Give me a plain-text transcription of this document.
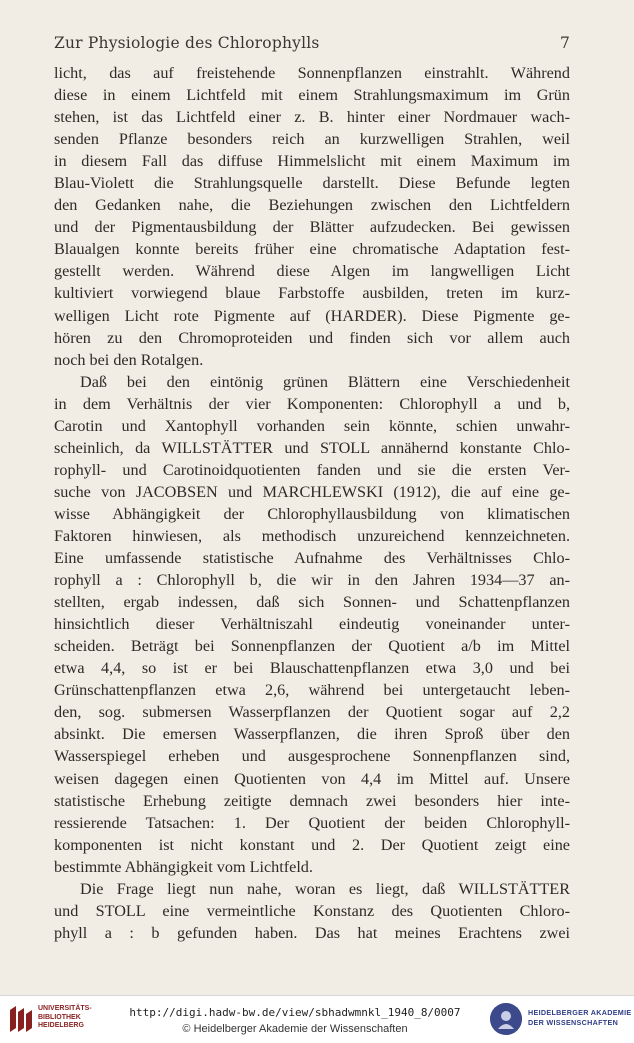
Zur Physiologie des Chlorophylls	7
licht, das auf freistehende Sonnenpflanzen einstrahlt. Während
diese in einem Lichtfeld mit einem Strahlungsmaximum im Grün
stehen, ist das Lichtfeld einer z. B. hinter einer Nordmauer wach-
senden Pflanze besonders reich an kurzwelligen Strahlen, weil
in diesem Fall das diffuse Himmelslicht mit einem Maximum im
Blau-Violett die Strahlungsquelle darstellt. Diese Befunde legten
den Gedanken nahe, die Beziehungen zwischen den Lichtfeldern
und der Pigmentausbildung der Blätter aufzudecken. Bei gewissen
Blaualgen konnte bereits früher eine chromatische Adaptation fest-
gestellt werden. Während diese Algen im langwelligen Licht
kultiviert vorwiegend blaue Farbstoffe ausbilden, treten im kurz-
welligen Licht rote Pigmente auf (HARDER). Diese Pigmente ge-
hören zu den Chromoproteiden und finden sich vor allem auch
noch bei den Rotalgen.
Daß bei den eintönig grünen Blättern eine Verschiedenheit
in dem Verhältnis der vier Komponenten: Chlorophyll a und b,
Carotin und Xantophyll vorhanden sein könnte, schien unwahr-
scheinlich, da WILLSTÄTTER und STOLL annähernd konstante Chlo-
rophyll- und Carotinoidquotienten fanden und sie die ersten Ver-
suche von JACOBSEN und MARCHLEWSKI (1912), die auf eine ge-
wisse Abhängigkeit der Chlorophyllausbildung von klimatischen
Faktoren hinwiesen, als methodisch unzureichend kennzeichneten.
Eine umfassende statistische Aufnahme des Verhältnisses Chlo-
rophyll a : Chlorophyll b, die wir in den Jahren 1934—37 an-
stellten, ergab indessen, daß sich Sonnen- und Schattenpflanzen
hinsichtlich dieser Verhältniszahl eindeutig voneinander unter-
scheiden. Beträgt bei Sonnenpflanzen der Quotient a/b im Mittel
etwa 4,4, so ist er bei Blauschattenpflanzen etwa 3,0 und bei
Grünschattenpflanzen etwa 2,6, während bei untergetaucht leben-
den, sog. submersen Wasserpflanzen der Quotient sogar auf 2,2
absinkt. Die emersen Wasserpflanzen, die ihren Sproß über den
Wasserspiegel erheben und ausgesprochene Sonnenpflanzen sind,
weisen dagegen einen Quotienten von 4,4 im Mittel auf. Unsere
statistische Erhebung zeitigte demnach zwei besonders hier inte-
ressierende Tatsachen: 1. Der Quotient der beiden Chlorophyll-
komponenten ist nicht konstant und 2. Der Quotient zeigt eine
bestimmte Abhängigkeit vom Lichtfeld.
Die Frage liegt nun nahe, woran es liegt, daß WILLSTÄTTER
und STOLL eine vermeintliche Konstanz des Quotienten Chloro-
phyll a : b gefunden haben. Das hat meines Erachtens zwei
UNIVERSITÄTS-
BIBLIOTHEK
HEIDELBERG
http://digi.hadw-bw.de/view/sbhadwmnkl_1940_8/0007
© Heidelberger Akademie der Wissenschaften
HEIDELBERGER AKADEMIE
DER WISSENSCHAFTEN
